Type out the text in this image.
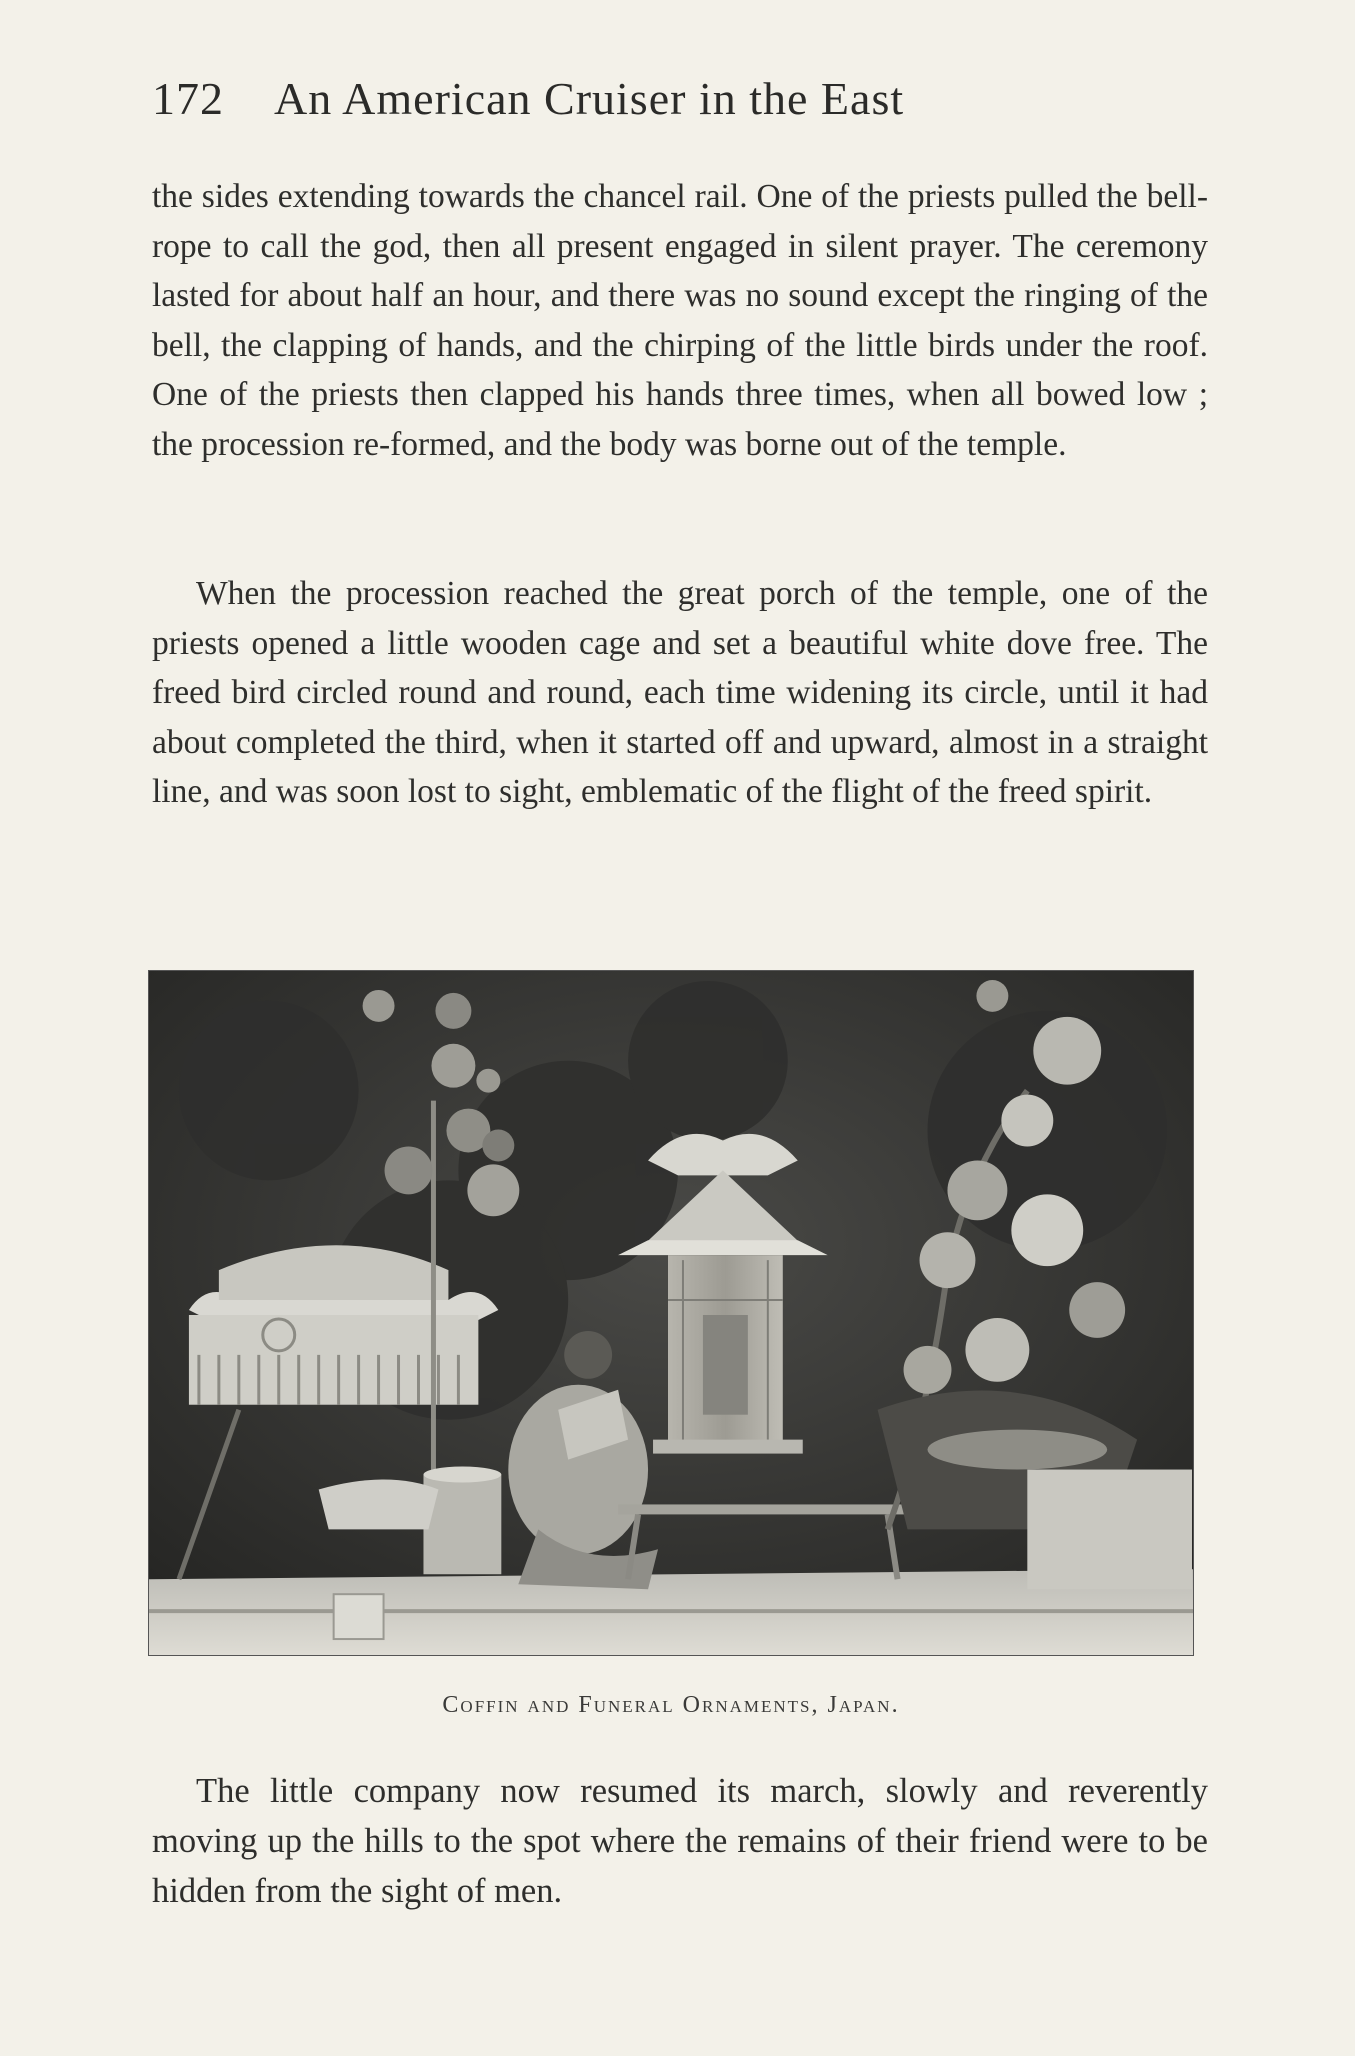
172 An American Cruiser in the East

the sides extending towards the chancel rail. One of the priests pulled the bell-rope to call the god, then all present engaged in silent prayer. The ceremony lasted for about half an hour, and there was no sound except the ringing of the bell, the clapping of hands, and the chirping of the little birds under the roof. One of the priests then clapped his hands three times, when all bowed low ; the procession re-formed, and the body was borne out of the temple.

When the procession reached the great porch of the temple, one of the priests opened a little wooden cage and set a beautiful white dove free. The freed bird circled round and round, each time widening its circle, until it had about completed the third, when it started off and upward, almost in a straight line, and was soon lost to sight, emblematic of the flight of the freed spirit.

Coffin and Funeral Ornaments, Japan.

The little company now resumed its march, slowly and reverently moving up the hills to the spot where the remains of their friend were to be hidden from the sight of men.
